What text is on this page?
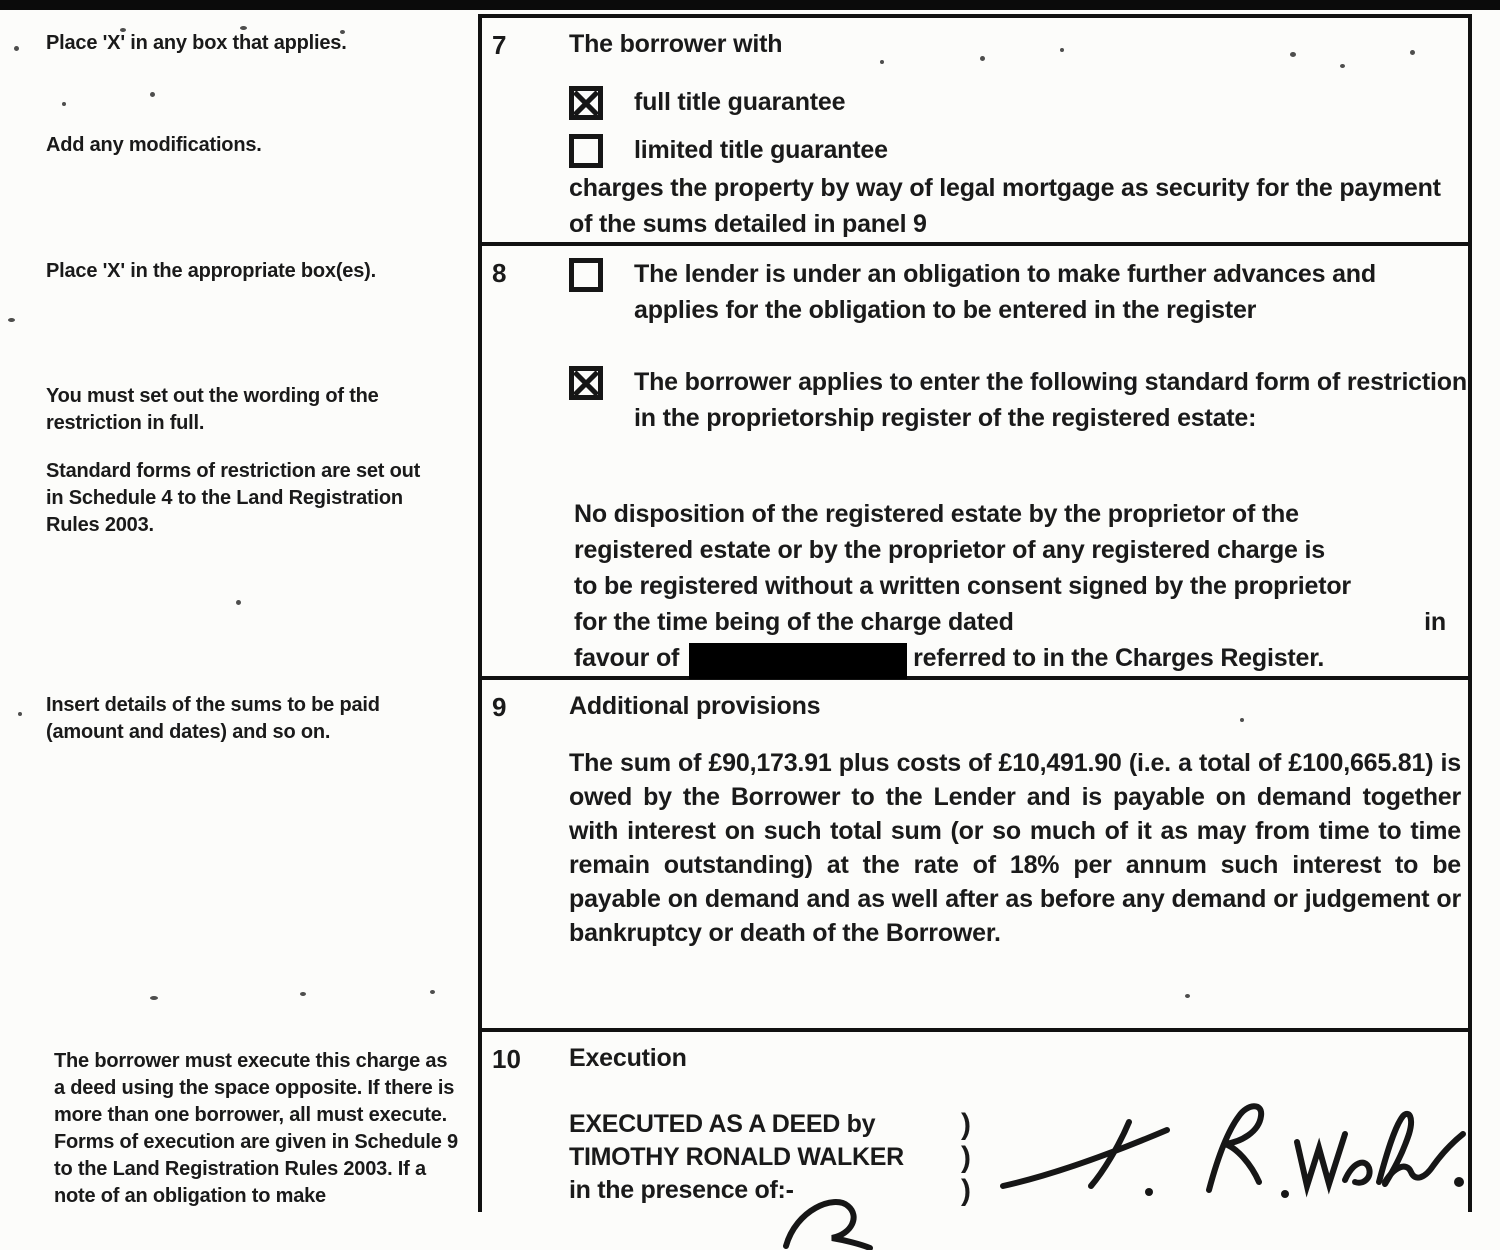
Place 'X' in any box that applies.
Add any modifications.
Place 'X' in the appropriate box(es).
You must set out the wording of the restriction in full.
Standard forms of restriction are set out in Schedule 4 to the Land Registration Rules 2003.
Insert details of the sums to be paid (amount and dates) and so on.
The borrower must execute this charge as a deed using the space opposite. If there is more than one borrower, all must execute. Forms of execution are given in Schedule 9 to the Land Registration Rules 2003. If a note of an obligation to make
7	The borrower with
full title guarantee
limited title guarantee
charges the property by way of legal mortgage as security for the payment of the sums detailed in panel 9
8	The lender is under an obligation to make further advances and applies for the obligation to be entered in the register
The borrower applies to enter the following standard form of restriction in the proprietorship register of the registered estate:
No disposition of the registered estate by the proprietor of the
registered estate or by the proprietor of any registered charge is
to be registered without a written consent signed by the proprietor
for the time being of the charge dated	in
favour of	referred to in the Charges Register.
9	Additional provisions
The sum of £90,173.91 plus costs of £10,491.90 (i.e. a total of £100,665.81) is owed by the Borrower to the Lender and is payable on demand together with interest on such total sum (or so much of it as may from time to time remain outstanding) at the rate of 18% per annum such interest to be payable on demand and as well after as before any demand or judgement or bankruptcy or death of the Borrower.
10 Execution
EXECUTED AS A DEED by	)
TIMOTHY RONALD WALKER	)
in the presence of:-	)
